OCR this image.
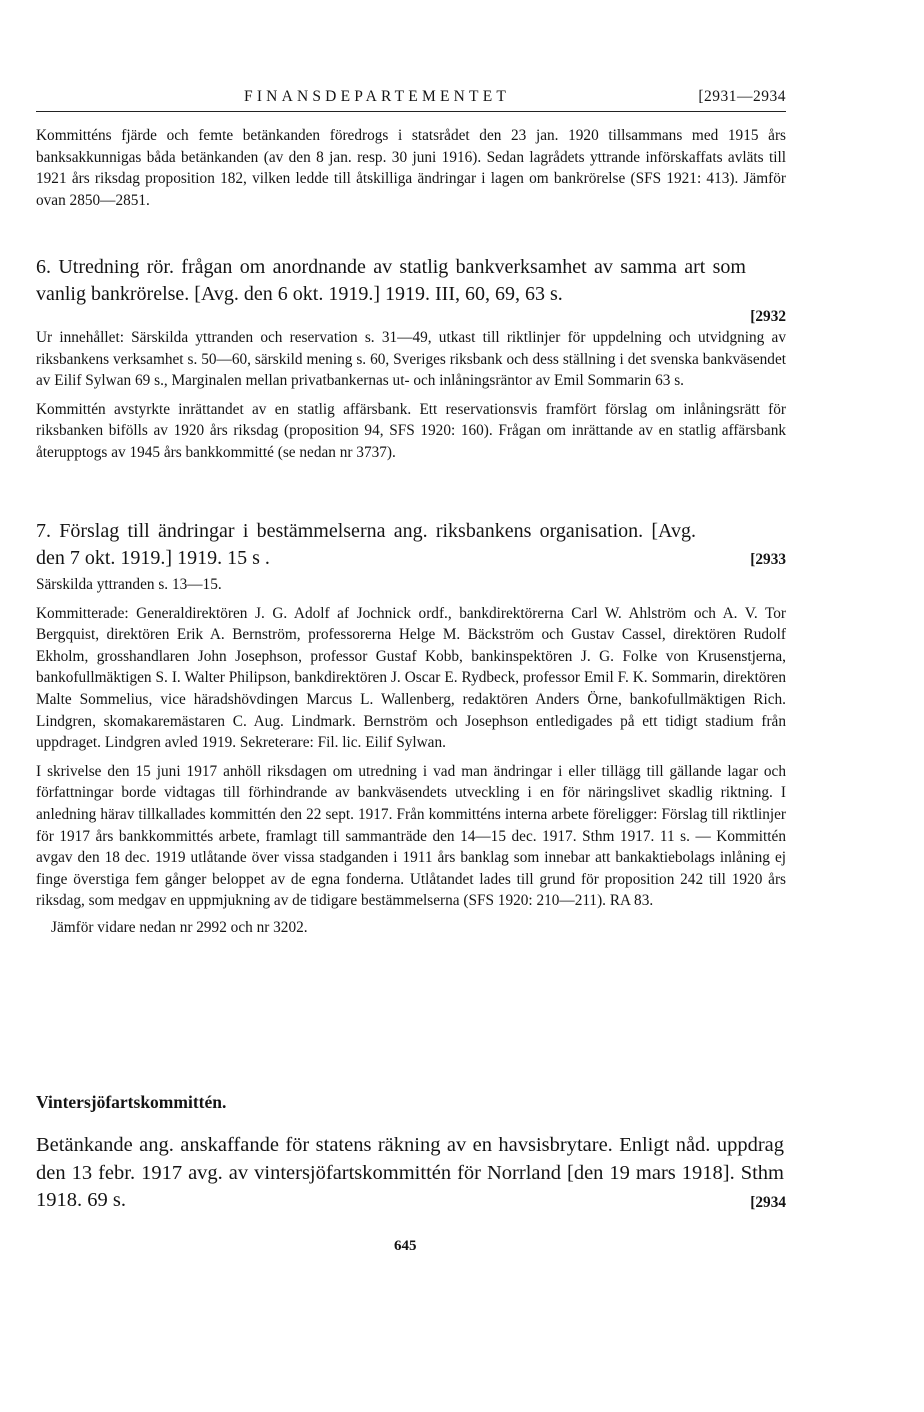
FINANSDEPARTEMENTET	[2931—2934

Kommitténs fjärde och femte betänkanden föredrogs i statsrådet den 23 jan. 1920 tillsammans med 1915 års banksakkunnigas båda betänkanden (av den 8 jan. resp. 30 juni 1916). Sedan lagrådets yttrande införskaffats avläts till 1921 års riksdag proposition 182, vilken ledde till åtskilliga ändringar i lagen om bankrörelse (SFS 1921: 413). Jämför ovan 2850—2851.

6. Utredning rör. frågan om anordnande av statlig bankverksamhet av samma art som vanlig bankrörelse. [Avg. den 6 okt. 1919.] 1919. III, 60, 69, 63 s.

[2932

Ur innehållet: Särskilda yttranden och reservation s. 31—49, utkast till riktlinjer för uppdelning och utvidgning av riksbankens verksamhet s. 50—60, särskild mening s. 60, Sveriges riksbank och dess ställning i det svenska bankväsendet av Eilif Sylwan 69 s., Marginalen mellan privatbankernas ut- och inlåningsräntor av Emil Sommarin 63 s.

Kommittén avstyrkte inrättandet av en statlig affärsbank. Ett reservationsvis framfört förslag om inlåningsrätt för riksbanken bifölls av 1920 års riksdag (proposition 94, SFS 1920: 160). Frågan om inrättande av en statlig affärsbank återupptogs av 1945 års bankkommitté (se nedan nr 3737).

7. Förslag till ändringar i bestämmelserna ang. riksbankens organisation. [Avg. den 7 okt. 1919.] 1919. 15 s .	[2933

Särskilda yttranden s. 13—15.

Kommitterade: Generaldirektören J. G. Adolf af Jochnick ordf., bankdirektörerna Carl W. Ahlström och A. V. Tor Bergquist, direktören Erik A. Bernström, professorerna Helge M. Bäckström och Gustav Cassel, direktören Rudolf Ekholm, grosshandlaren John Josephson, professor Gustaf Kobb, bankinspektören J. G. Folke von Krusenstjerna, bankofullmäktigen S. I. Walter Philipson, bankdirektören J. Oscar E. Rydbeck, professor Emil F. K. Sommarin, direktören Malte Sommelius, vice häradshövdingen Marcus L. Wallenberg, redaktören Anders Örne, bankofullmäktigen Rich. Lindgren, skomakaremästaren C. Aug. Lindmark. Bernström och Josephson entledigades på ett tidigt stadium från uppdraget. Lindgren avled 1919. Sekreterare: Fil. lic. Eilif Sylwan.

I skrivelse den 15 juni 1917 anhöll riksdagen om utredning i vad man ändringar i eller tillägg till gällande lagar och författningar borde vidtagas till förhindrande av bankväsendets utveckling i en för näringslivet skadlig riktning. I anledning härav tillkallades kommittén den 22 sept. 1917. Från kommitténs interna arbete föreligger: Förslag till riktlinjer för 1917 års bankkommittés arbete, framlagt till sammanträde den 14—15 dec. 1917. Sthm 1917. 11 s. — Kommittén avgav den 18 dec. 1919 utlåtande över vissa stadganden i 1911 års banklag som innebar att bankaktiebolags inlåning ej finge överstiga fem gånger beloppet av de egna fonderna. Utlåtandet lades till grund för proposition 242 till 1920 års riksdag, som medgav en uppmjukning av de tidigare bestämmelserna (SFS 1920: 210—211). RA 83.

Jämför vidare nedan nr 2992 och nr 3202.

Vintersjöfartskommittén.

Betänkande ang. anskaffande för statens räkning av en havsisbrytare. Enligt nåd. uppdrag den 13 febr. 1917 avg. av vintersjöfartskommittén för Norrland [den 19 mars 1918]. Sthm 1918. 69 s.	[2934
645
